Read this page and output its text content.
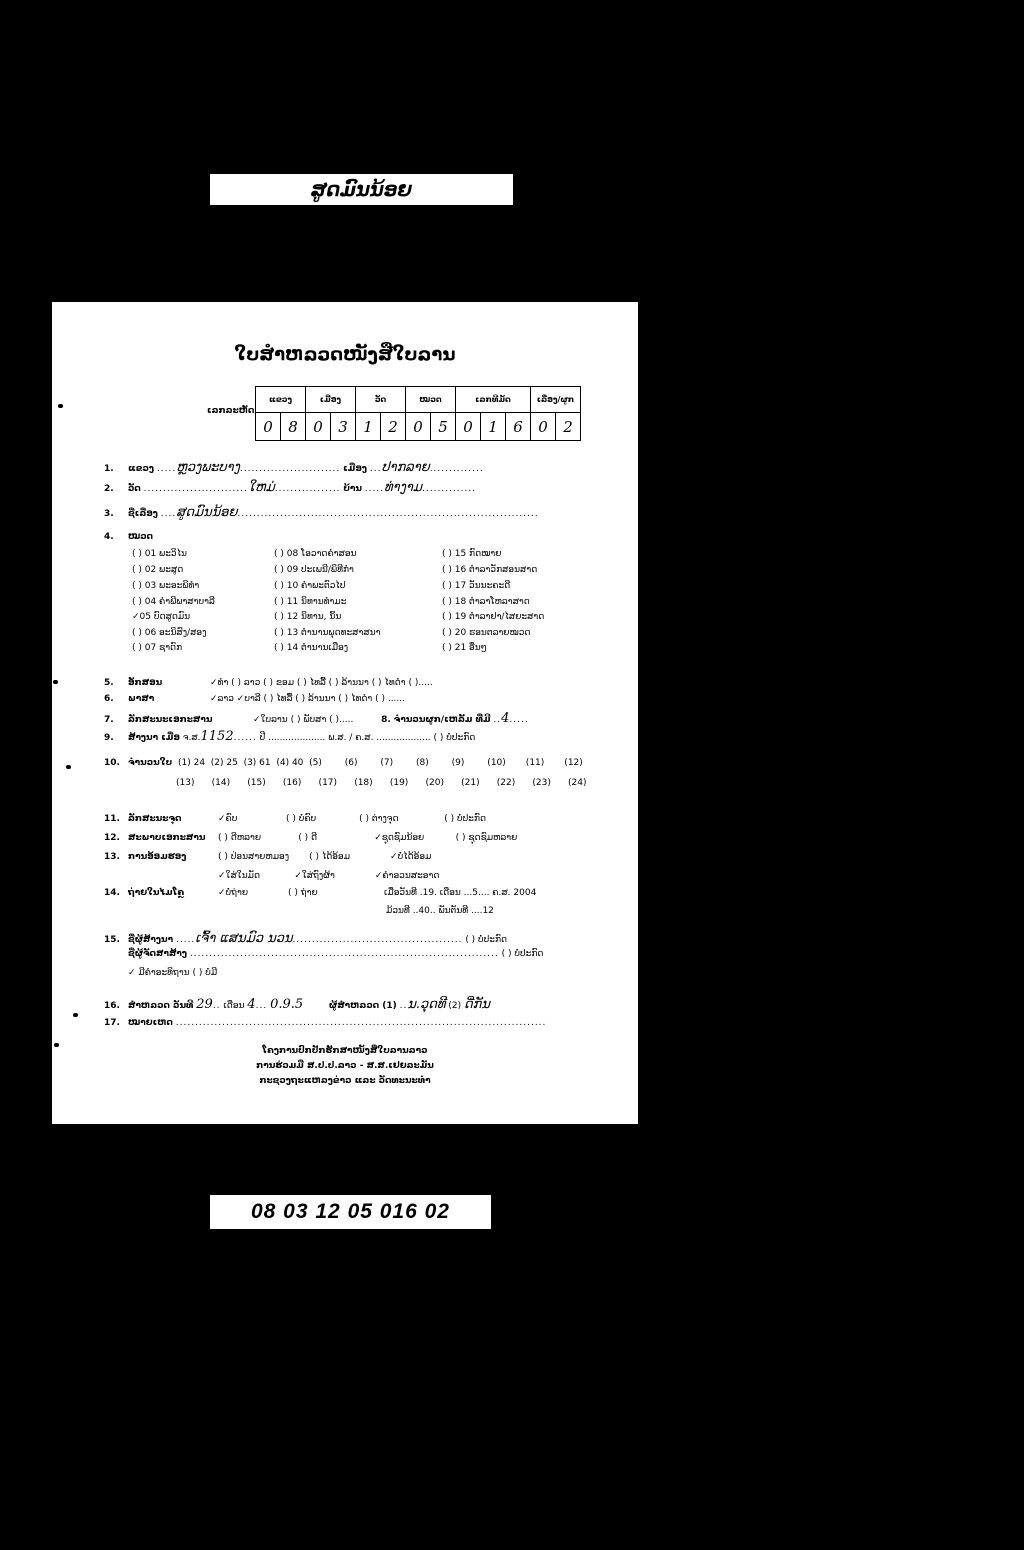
ສູດມົນນ້ອຍ
ໃບສຳຫລວດໜັງສືໃບລານ
ເລກລະຫັດ
ແຂວງ		ເມືອງ		ວັດ		ໝວດ		ເລກທີມັດ			ເລື່ອງ/ຜູກ	
0	8	0	3	1	2	0	5	0	1	6	0	2
1. ແຂວງ .....ຫຼວງພະບາງ.......................... ເມືອງ ...ປາກລາຍ..............
2. ວັດ ...........................ໃຫມ່................. ບ້ານ .....ທ່າງາມ..............
3. ຊື່ເລື່ອງ ....ສູດມົນນ້ອຍ..............................................................................
4. ໝວດ
( ) 01 ພະວິໄນ
( ) 02 ພະສູດ
( ) 03 ພະອະພິທຳ
( ) 04 ຄຳພີພາສາບາລີ
✓05 ບົດສູດມົນ
( ) 06 ອະນິສົງ/ສອງ
( ) 07 ຊາດົກ
( ) 08 ໂອວາດຄຳສອນ
( ) 09 ປະເພນີ/ພິທີກຳ
( ) 10 ຄຳພະຕົວໄປ
( ) 11 ນິທານທຳມະ
( ) 12 ນິທານ, ນິ້ນ
( ) 13 ຕຳນານພຸດທະສາສນາ
( ) 14 ຕຳນານເມືອງ
( ) 15 ກົດໝາຍ
( ) 16 ຕຳລາວັກສອນສາດ
( ) 17 ວັນນະຄະດີ
( ) 18 ຕຳລາໂຫລາສາດ
( ) 19 ຕຳລາຢາ/ໄສຍະສາດ
( ) 20 ຮອນຕລາຍໝວດ
( ) 21 ອື່ນໆ
5. ອັກສອນ	✓ທຳ ( ) ລາວ ( ) ຂອມ ( ) ໄທລື້ ( ) ລ້ານນາ ( ) ໄທດຳ ( ).....
6. ພາສາ	✓ລາວ ✓ບາລີ ( ) ໄທລື້ ( ) ລ້ານນາ ( ) ໄທດຳ ( ) ......
7. ລັກສະນະເອກະສານ	✓ໃບລານ ( ) ພັບສາ ( ).....	8. ຈຳນວນຜູກ/ເຫລັ້ມ ທີ່ມີ ..4.....
9. ສ້າງນາ ເມື່ອ ຈ.ສ.1152...... ປີ .................... ພ.ສ. / ຄ.ສ. ................... ( ) ບໍ່ປະກົດ
10. ຈຳນວນໃບ (1) 24  (2) 25  (3) 61  (4) 40  (5)        (6)        (7)        (8)        (9)        (10)       (11)       (12)
(13)      (14)      (15)      (16)      (17)      (18)      (19)      (20)      (21)      (22)      (23)      (24)
11. ລັກສະນະຈຸດ	✓ຄົບ                 ( ) ບໍ່ຄົບ               ( ) ຕ່າງຈຸດ                ( ) ບໍ່ປະກົດ
12. ສະພາບເອກະສານ ( ) ດີຫລາຍ             ( ) ດີ                    ✓ຊຸດຊົມນ້ອຍ           ( ) ຊຸດຊົມຫລາຍ
13. ການອ້ອມຮອງ	( ) ປ່ອນສາຍຫມອງ       ( ) ໄດ້ອ້ອມ              ✓ບໍ່ໄດ້ອ້ອມ
✓ໃສ່ໃນມັດ            ✓ໃສ່ຖົງຜ້າ              ✓ຄຳອວນສະອາດ
14. ຖ່າຍໃນໄມໂຄຼ	✓ບໍ່ຖ່າຍ              ( ) ຖ່າຍ	ເມື່ອວັນທີ .19. ເດືອນ ...5.... ຄ.ສ. 2004
ມ້ວນທີ ..40.. ພັນຕັນທີ ....12
15. ຊື່ຜູ້ສ້າງນາ .....ເຈົ້າ ແສນມົວ ນວນ............................................ ( ) ບໍ່ປະກົດ
ຊື່ຜູ້ຈັດສາສ້າງ ................................................................................ ( ) ບໍ່ປະກົດ
✓ ມີຄຳອະທິຖານ ( ) ບໍ່ມີ
16. ສຳຫລວດ ວັນທີ 29.. ເດືອນ 4... 0.9.5	ຜູ້ສຳຫລວດ (1) ..ນ.ວຸດທີ (2) ດີ່ກັນ
17. ໝາຍເຫດ ................................................................................................
ໂຄງການປົກປັກຮັກສາໜັງສືໃບລານລາວ
ການຮ່ວມມື ສ.ປ.ປ.ລາວ - ສ.ສ.ເຢຍລະມັນ
ກະຊວງຖະແຫລງຂ່າວ ແລະ ວັດທະນະທຳ
08 03 12 05 016 02
